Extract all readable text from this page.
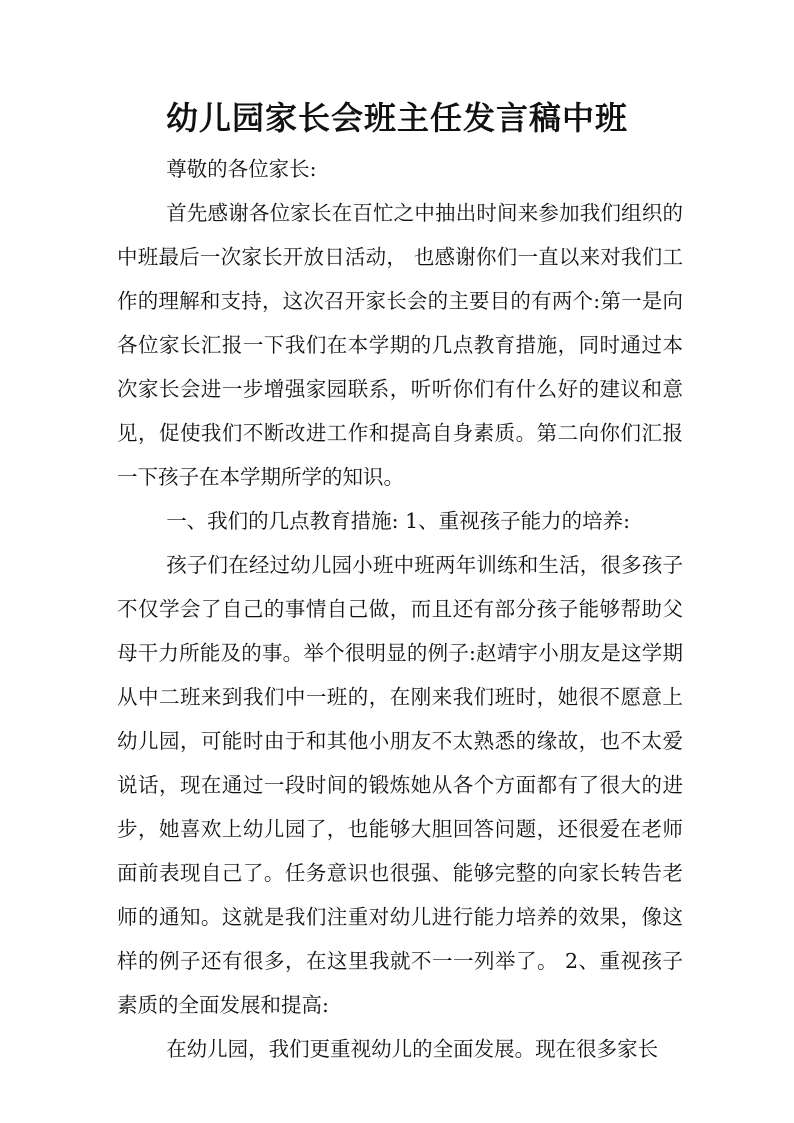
幼儿园家长会班主任发言稿中班

尊敬的各位家长:

首先感谢各位家长在百忙之中抽出时间来参加我们组织的中班最后一次家长开放日活动， 也感谢你们一直以来对我们工作的理解和支持，这次召开家长会的主要目的有两个:第一是向各位家长汇报一下我们在本学期的几点教育措施，同时通过本次家长会进一步增强家园联系，听听你们有什么好的建议和意见，促使我们不断改进工作和提高自身素质。第二向你们汇报一下孩子在本学期所学的知识。

一、我们的几点教育措施: 1、重视孩子能力的培养:

孩子们在经过幼儿园小班中班两年训练和生活，很多孩子不仅学会了自己的事情自己做，而且还有部分孩子能够帮助父母干力所能及的事。举个很明显的例子:赵靖宇小朋友是这学期从中二班来到我们中一班的，在刚来我们班时，她很不愿意上幼儿园，可能时由于和其他小朋友不太熟悉的缘故，也不太爱说话，现在通过一段时间的锻炼她从各个方面都有了很大的进步，她喜欢上幼儿园了，也能够大胆回答问题，还很爱在老师面前表现自己了。任务意识也很强、能够完整的向家长转告老师的通知。这就是我们注重对幼儿进行能力培养的效果，像这样的例子还有很多，在这里我就不一一列举了。 2、重视孩子素质的全面发展和提高:

在幼儿园，我们更重视幼儿的全面发展。现在很多家长
